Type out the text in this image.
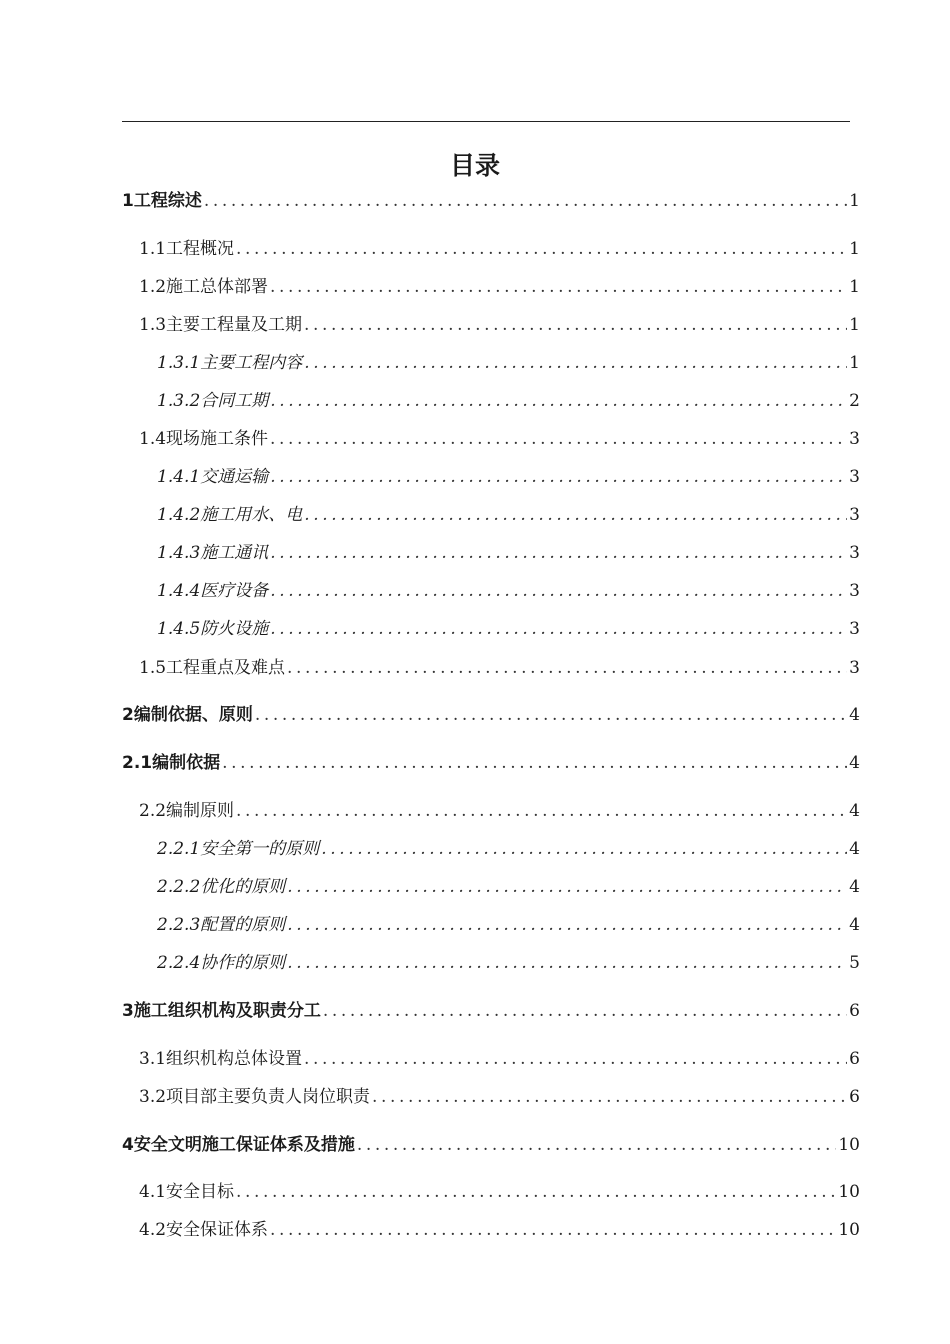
目录
1工程综述 .....	1
1.1工程概况 .....	1
1.2施工总体部署 .....	1
1.3主要工程量及工期 .....	1
1.3.1主要工程内容 .....	1
1.3.2合同工期 .....	2
1.4现场施工条件 .....	3
1.4.1交通运输 .....	3
1.4.2施工用水、电 .....	3
1.4.3施工通讯 .....	3
1.4.4医疗设备 .....	3
1.4.5防火设施 .....	3
1.5工程重点及难点 .....	3
2编制依据、原则 .....	4
2.1编制依据 .....	4
2.2编制原则 .....	4
2.2.1安全第一的原则 .....	4
2.2.2优化的原则 .....	4
2.2.3配置的原则 .....	4
2.2.4协作的原则 .....	5
3施工组织机构及职责分工 .....	6
3.1组织机构总体设置 .....	6
3.2项目部主要负责人岗位职责 .....	6
4安全文明施工保证体系及措施 .....	10
4.1安全目标 .....	10
4.2安全保证体系 .....	10
